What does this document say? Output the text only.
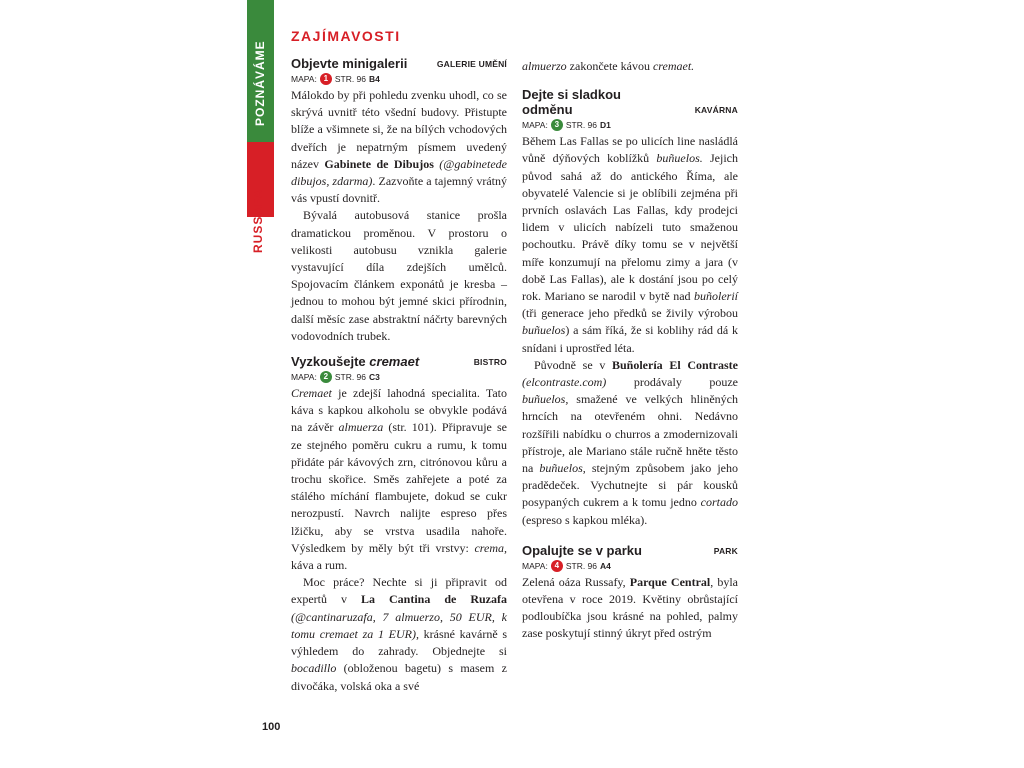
POZNÁVÁME
RUSSAFA
100
ZAJÍMAVOSTI
Objevte minigalerii	GALERIE UMĚNÍ
MAPA: 1 STR. 96 B4

Málokdo by při pohledu zvenku uhodl, co se skrývá uvnitř této všední budovy. Přistupte blíže a všimnete si, že na bílých vchodových dveřích je nepatrným písmem uvedený název Gabinete de Dibujos (@gabinetede dibujos, zdarma). Zazvoňte a tajemný vrátný vás vpustí dovnitř.

Bývalá autobusová stanice prošla dramatickou proměnou. V prostoru o velikosti autobusu vznikla galerie vystavující díla zdejších umělců. Spojovacím článkem exponátů je kresba – jednou to mohou být jemné skici přírodnin, další měsíc zase abstraktní náčrty barevných vodovodních trubek.

Vyzkoušejte cremaet	BISTRO
MAPA: 2 STR. 96 C3

Cremaet je zdejší lahodná specialita. Tato káva s kapkou alkoholu se obvykle podává na závěr almuerza (str. 101). Připravuje se ze stejného poměru cukru a rumu, k tomu přidáte pár kávových zrn, citrónovou kůru a trochu skořice. Směs zahřejete a poté za stálého míchání flambujete, dokud se cukr nerozpustí. Navrch nalijte espreso přes lžičku, aby se vrstva usadila nahoře. Výsledkem by měly být tři vrstvy: crema, káva a rum.

Moc práce? Nechte si ji připravit od expertů v La Cantina de Ruzafa (@cantinaruzafa, 7 almuerzo, 50 EUR, k tomu cremaet za 1 EUR), krásné kavárně s výhledem do zahrady. Objednejte si bocadillo (obloženou bagetu) s masem z divočáka, volská oka a své

almuerzo zakončete kávou cremaet.

Dejte si sladkou odměnu	KAVÁRNA
MAPA: 3 STR. 96 D1

Během Las Fallas se po ulicích line nasládlá vůně dýňových koblížků buñuelos. Jejich původ sahá až do antického Říma, ale obyvatelé Valencie si je oblíbili zejména při prvních oslavách Las Fallas, kdy prodejci lidem v ulicích nabízeli tuto smaženou pochoutku. Právě díky tomu se v největší míře konzumují na přelomu zimy a jara (v době Las Fallas), ale k dostání jsou po celý rok. Mariano se narodil v bytě nad buñolerií (tři generace jeho předků se živily výrobou buñuelos) a sám říká, že si koblihy rád dá k snídani i uprostřed léta.

Původně se v Buñolería El Contraste (elcontraste.com) prodávaly pouze buñuelos, smažené ve velkých hliněných hrncích na otevřeném ohni. Nedávno rozšířili nabídku o churros a zmodernizovali přístroje, ale Mariano stále ručně hněte těsto na buñuelos, stejným způsobem jako jeho pradědeček. Vychutnejte si pár kousků posypaných cukrem a k tomu jedno cortado (espreso s kapkou mléka).

Opalujte se v parku	PARK
MAPA: 4 STR. 96 A4

Zelená oáza Russafy, Parque Central, byla otevřena v roce 2019. Květiny obrůstající podloubíčka jsou krásné na pohled, palmy zase poskytují stinný úkryt před ostrým
